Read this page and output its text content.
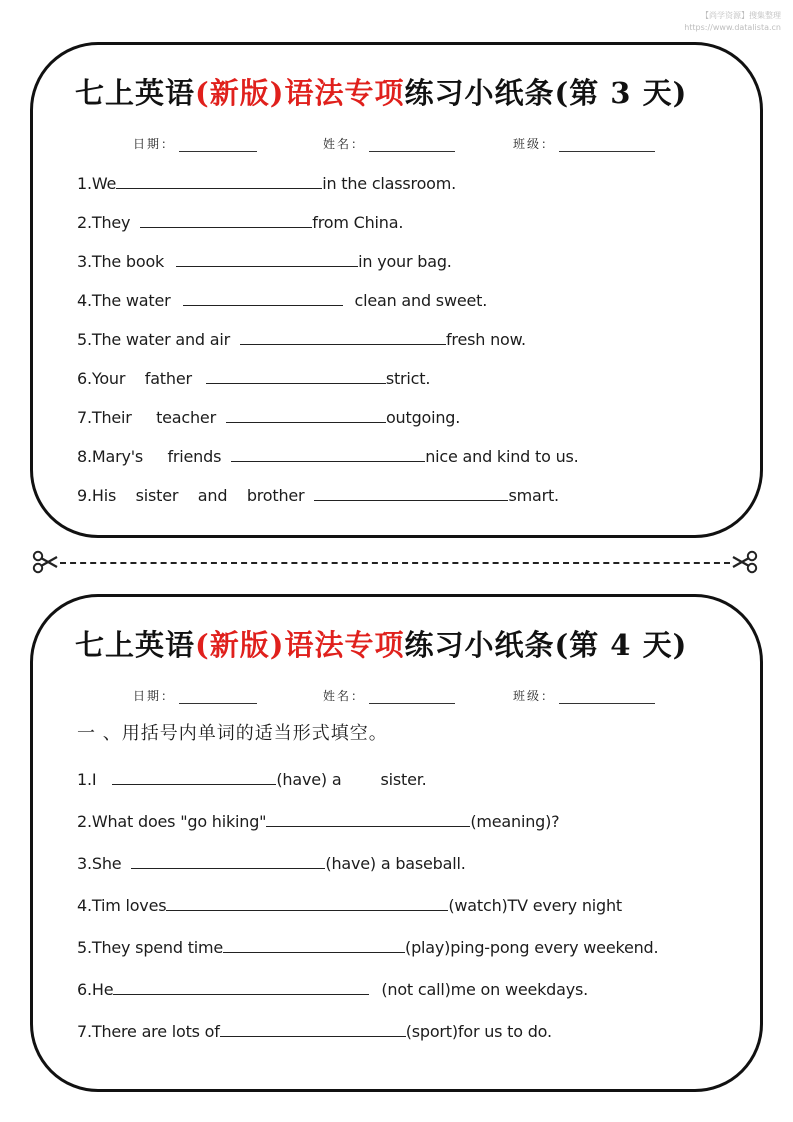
【尚学资源】搜集整理
https://www.datalista.cn
七上英语(新版)语法专项练习小纸条(第 3 天)
日期：	姓名：	班级：
1.We	in the classroom.
2.They	from China.
3.The book	in your bag.
4.The water	clean and sweet.
5.The water and air	fresh now.
6.Your    father	strict.
7.Their     teacher	outgoing.
8.Mary's     friends	nice and kind to us.
9.His    sister    and    brother	smart.
七上英语(新版)语法专项练习小纸条(第 4 天)
日期：	姓名：	班级：
一 、用括号内单词的适当形式填空。
1.I	(have) a        sister.
2.What does "go hiking"	(meaning)?
3.She	(have) a baseball.
4.Tim loves	(watch)TV every night
5.They spend time	(play)ping-pong every weekend.
6.He	(not call)me on weekdays.
7.There are lots of	(sport)for us to do.
